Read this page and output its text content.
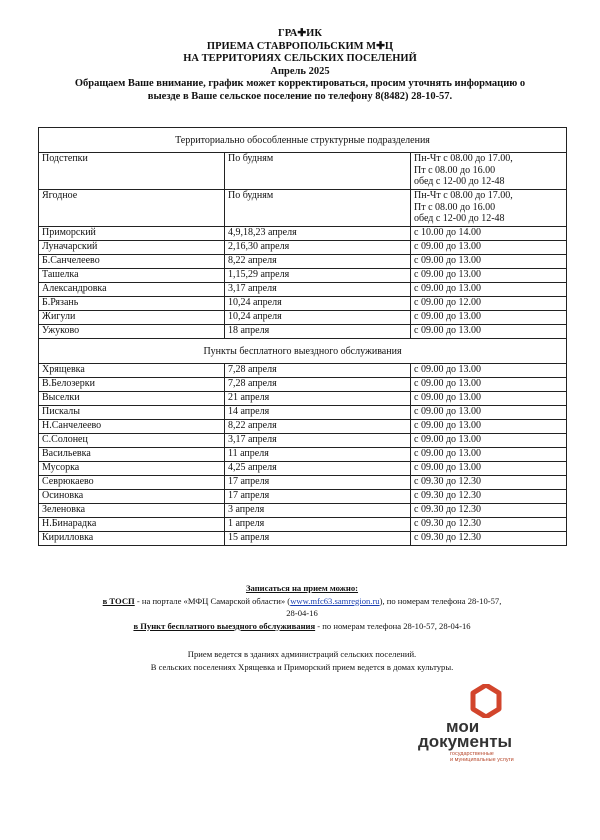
ГРА✚ИК
ПРИЕМА СТАВРОПОЛЬСКИМ М✚Ц
НА ТЕРРИТОРИЯХ СЕЛЬСКИХ ПОСЕЛЕНИЙ
Апрель 2025
Обращаем Ваше внимание, график может корректироваться, просим уточнять информацию о
выезде в Ваше сельское поселение по телефону 8(8482) 28-10-57.
Территориально обособленные структурные подразделения		
Подстепки	По будням	Пн-Чт с 08.00 до 17.00,
Пт с 08.00 до 16.00
обед с 12-00 до 12-48

Ягодное	По будням	Пн-Чт с 08.00 до 17.00,
Пт с 08.00 до 16.00
обед с 12-00 до 12-48

Приморский	4,9,18,23 апреля	с 10.00 до 14.00
Луначарский	2,16,30 апреля	с 09.00 до 13.00
Б.Санчелеево	8,22 апреля	с 09.00 до 13.00
Ташелка	1,15,29 апреля	с 09.00 до 13.00
Александровка	3,17 апреля	с 09.00 до 13.00
Б.Рязань	10,24 апреля	с 09.00 до 12.00
Жигули	10,24 апреля	с 09.00 до 13.00
Ужуково	18 апреля	с 09.00 до 13.00
Пункты бесплатного выездного обслуживания		
Хрящевка	7,28 апреля	с 09.00 до 13.00
В.Белозерки	7,28 апреля	с 09.00 до 13.00
Выселки	21 апреля	с 09.00 до 13.00
Пискалы	14 апреля	с 09.00 до 13.00
Н.Санчелеево	8,22 апреля	с 09.00 до 13.00
С.Солонец	3,17 апреля	с 09.00 до 13.00
Васильевка	11 апреля	с 09.00 до 13.00
Мусорка	4,25 апреля	с 09.00 до 13.00
Севрюкаево	17 апреля	с 09.30 до 12.30
Осиновка	17 апреля	с 09.30 до 12.30
Зеленовка	3 апреля	с 09.30 до 12.30
Н.Бинарадка	1 апреля	с 09.30 до 12.30
Кирилловка	15 апреля	с 09.30 до 12.30
Записаться на прием можно:
в ТОСП - на портале «МФЦ Самарской области» (www.mfc63.samregion.ru), по номерам телефона 28-10-57,
28-04-16
в Пункт бесплатного выездного обслуживания - по номерам телефона 28-10-57, 28-04-16
Прием ведется в зданиях администраций сельских поселений.
В сельских поселениях Хрящевка и Приморский прием ведется в домах культуры.
мои
документы
государственные
и муниципальные услуги
